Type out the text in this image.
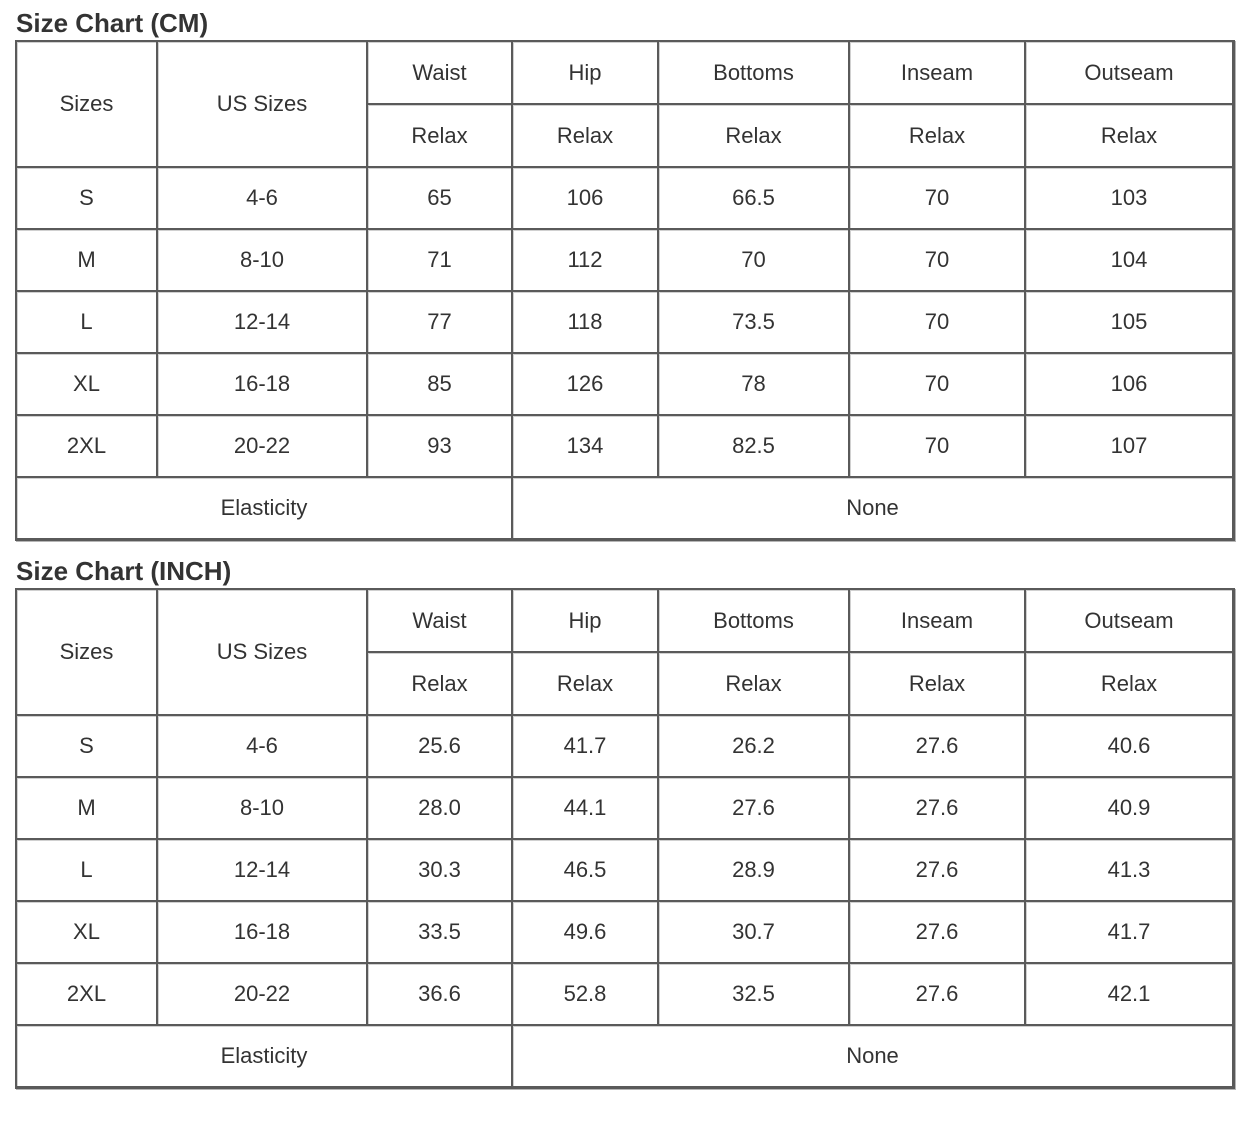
Size Chart (CM)
Sizes	US Sizes	Waist	Hip	Bottoms	Inseam	Outseam
		Relax	Relax	Relax	Relax	Relax
S	4-6	65	106	66.5	70	103
M	8-10	71	112	70	70	104
L	12-14	77	118	73.5	70	105
XL	16-18	85	126	78	70	106
2XL	20-22	93	134	82.5	70	107
Elasticity			None			
Size Chart (INCH)
Sizes	US Sizes	Waist	Hip	Bottoms	Inseam	Outseam
		Relax	Relax	Relax	Relax	Relax
S	4-6	25.6	41.7	26.2	27.6	40.6
M	8-10	28.0	44.1	27.6	27.6	40.9
L	12-14	30.3	46.5	28.9	27.6	41.3
XL	16-18	33.5	49.6	30.7	27.6	41.7
2XL	20-22	36.6	52.8	32.5	27.6	42.1
Elasticity			None			
